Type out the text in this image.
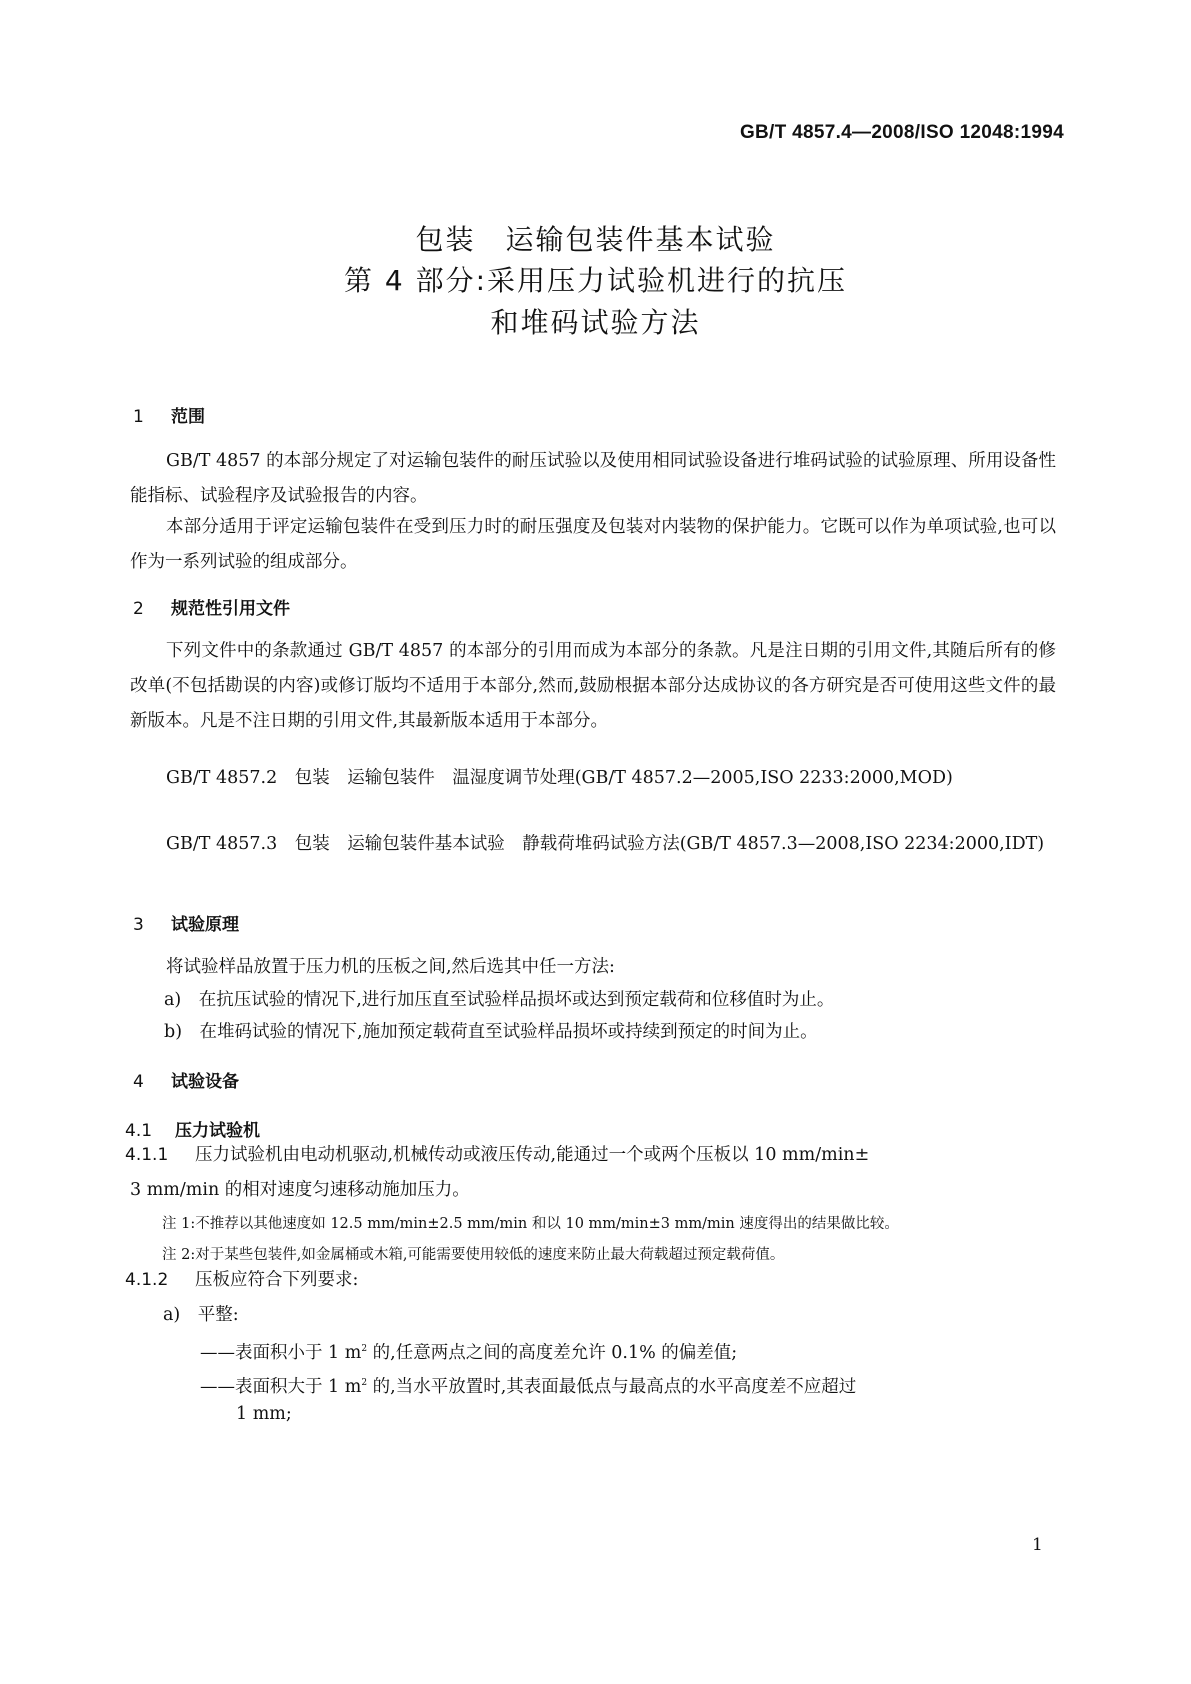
GB/T 4857.4—2008/ISO 12048:1994
包装　运输包装件基本试验
第 4 部分:采用压力试验机进行的抗压
和堆码试验方法
1 范围
GB/T 4857 的本部分规定了对运输包装件的耐压试验以及使用相同试验设备进行堆码试验的试验原理、所用设备性能指标、试验程序及试验报告的内容。
本部分适用于评定运输包装件在受到压力时的耐压强度及包装对内装物的保护能力。它既可以作为单项试验,也可以作为一系列试验的组成部分。
2 规范性引用文件
下列文件中的条款通过 GB/T 4857 的本部分的引用而成为本部分的条款。凡是注日期的引用文件,其随后所有的修改单(不包括勘误的内容)或修订版均不适用于本部分,然而,鼓励根据本部分达成协议的各方研究是否可使用这些文件的最新版本。凡是不注日期的引用文件,其最新版本适用于本部分。
GB/T 4857.2　包装　运输包装件　温湿度调节处理(GB/T 4857.2—2005,ISO 2233:2000,MOD)
GB/T 4857.3　包装　运输包装件基本试验　静载荷堆码试验方法(GB/T 4857.3—2008,ISO 2234:2000,IDT)
3 试验原理
将试验样品放置于压力机的压板之间,然后选其中任一方法:
a)　在抗压试验的情况下,进行加压直至试验样品损坏或达到预定载荷和位移值时为止。
b)　在堆码试验的情况下,施加预定载荷直至试验样品损坏或持续到预定的时间为止。
4 试验设备
4.1 压力试验机
4.1.1 压力试验机由电动机驱动,机械传动或液压传动,能通过一个或两个压板以 10 mm/min±
3 mm/min 的相对速度匀速移动施加压力。
注 1:不推荐以其他速度如 12.5 mm/min±2.5 mm/min 和以 10 mm/min±3 mm/min 速度得出的结果做比较。
注 2:对于某些包装件,如金属桶或木箱,可能需要使用较低的速度来防止最大荷载超过预定载荷值。
4.1.2 压板应符合下列要求:
a)　平整:
——表面积小于 1 $m^2$ 的,任意两点之间的高度差允许 0.1% 的偏差值;
——表面积大于 1 $m^2$ 的,当水平放置时,其表面最低点与最高点的水平高度差不应超过
1 mm;
1
